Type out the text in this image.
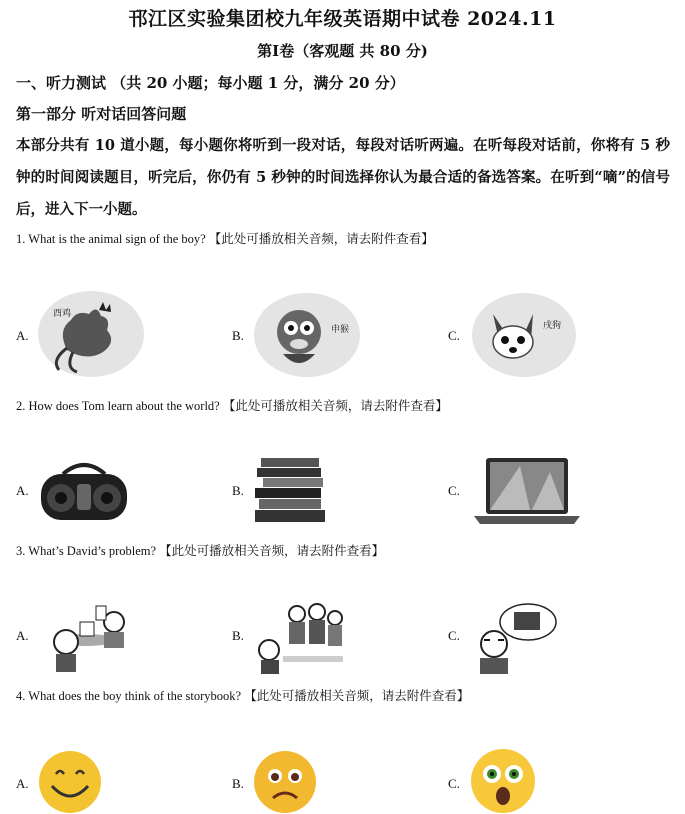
邗江区实验集团校九年级英语期中试卷 2024.11
第Ⅰ卷（客观题 共 80 分)
一、听力测试 （共 20 小题；每小题 1 分，满分 20 分）
第一部分 听对话回答问题
本部分共有 10 道小题，每小题你将听到一段对话，每段对话听两遍。在听每段对话前，你将有 5 秒钟的时间阅读题目，听完后，你仍有 5 秒钟的时间选择你认为最合适的备选答案。在听到“嘀”的信号后，进入下一小题。
1. What is the animal sign of the boy? 【此处可播放相关音频，请去附件查看】
A.
酉鸡
B.	申猴	C.
戌狗
2. How does Tom learn about the world? 【此处可播放相关音频，请去附件查看】
A.	B.	C.
3. What’s David’s problem? 【此处可播放相关音频，请去附件查看】
A.	B.	C.
4. What does the boy think of the storybook? 【此处可播放相关音频，请去附件查看】
A.	B.	C.
